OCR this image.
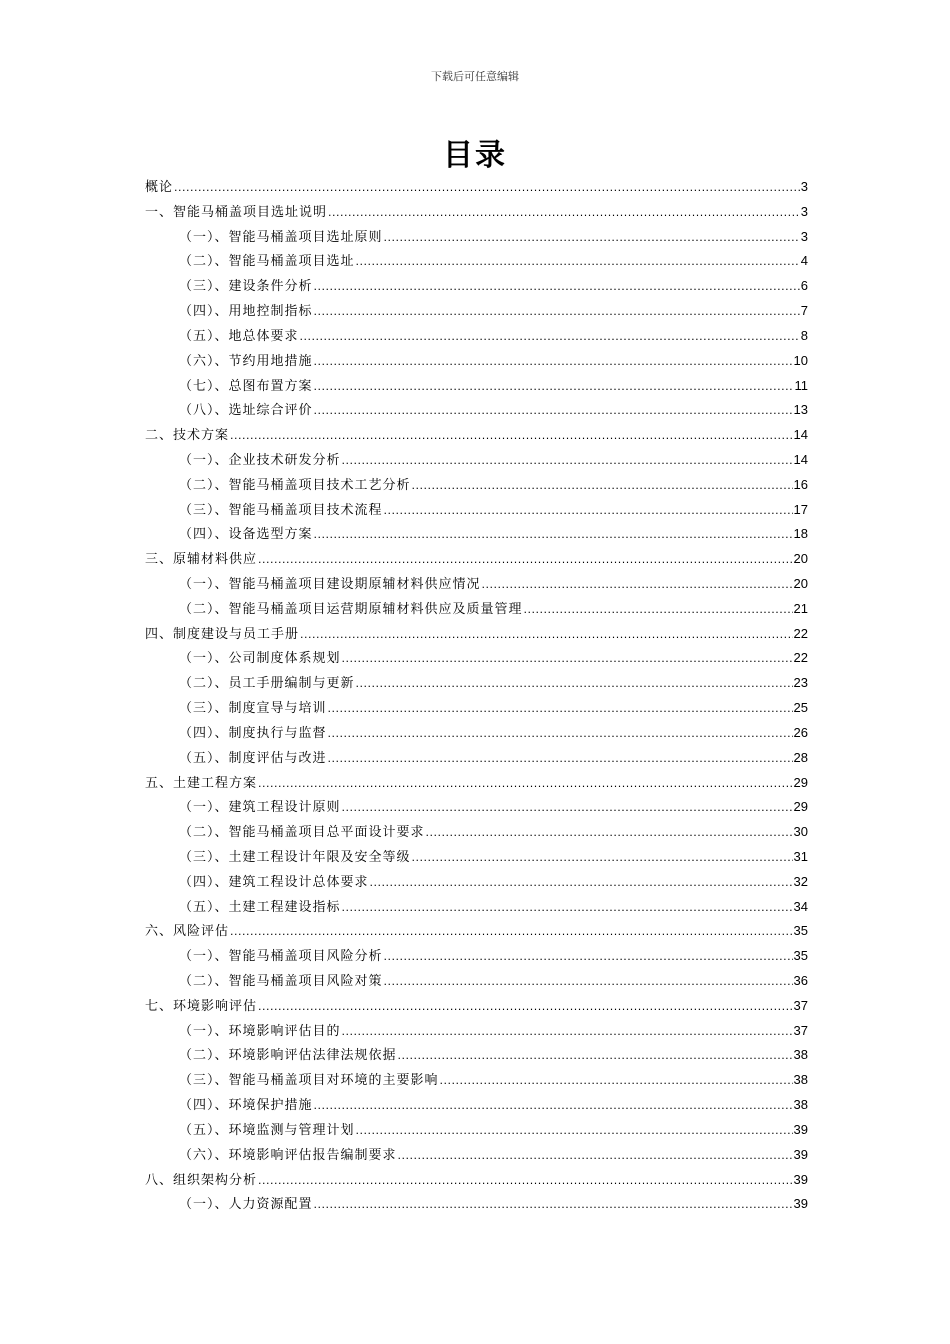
下载后可任意编辑
目录
概论 .....	3
一、智能马桶盖项目选址说明 .....	3
（一）、智能马桶盖项目选址原则 .....	3
（二）、智能马桶盖项目选址 .....	4
（三）、建设条件分析 .....	6
（四）、用地控制指标 .....	7
（五）、地总体要求 .....	8
（六）、节约用地措施 .....	10
（七）、总图布置方案 .....	11
（八）、选址综合评价 .....	13
二、技术方案 .....	14
（一）、企业技术研发分析 .....	14
（二）、智能马桶盖项目技术工艺分析 .....	16
（三）、智能马桶盖项目技术流程 .....	17
（四）、设备选型方案 .....	18
三、原辅材料供应 .....	20
（一）、智能马桶盖项目建设期原辅材料供应情况 .....	20
（二）、智能马桶盖项目运营期原辅材料供应及质量管理 .....	21
四、制度建设与员工手册 .....	22
（一）、公司制度体系规划 .....	22
（二）、员工手册编制与更新 .....	23
（三）、制度宣导与培训 .....	25
（四）、制度执行与监督 .....	26
（五）、制度评估与改进 .....	28
五、土建工程方案 .....	29
（一）、建筑工程设计原则 .....	29
（二）、智能马桶盖项目总平面设计要求 .....	30
（三）、土建工程设计年限及安全等级 .....	31
（四）、建筑工程设计总体要求 .....	32
（五）、土建工程建设指标 .....	34
六、风险评估 .....	35
（一）、智能马桶盖项目风险分析 .....	35
（二）、智能马桶盖项目风险对策 .....	36
七、环境影响评估 .....	37
（一）、环境影响评估目的 .....	37
（二）、环境影响评估法律法规依据 .....	38
（三）、智能马桶盖项目对环境的主要影响 .....	38
（四）、环境保护措施 .....	38
（五）、环境监测与管理计划 .....	39
（六）、环境影响评估报告编制要求 .....	39
八、组织架构分析 .....	39
（一）、人力资源配置 .....	39
